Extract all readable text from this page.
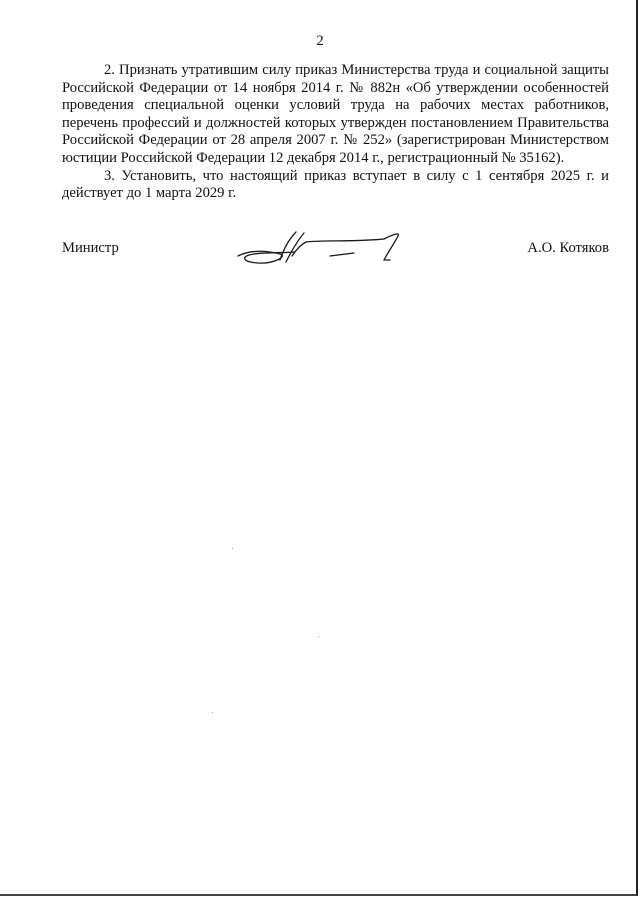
2

2. Признать утратившим силу приказ Министерства труда и социальной защиты Российской Федерации от 14 ноября 2014 г. № 882н «Об утверждении особенностей проведения специальной оценки условий труда на рабочих местах работников, перечень профессий и должностей которых утвержден постановлением Правительства Российской Федерации от 28 апреля 2007 г. № 252» (зарегистрирован Министерством юстиции Российской Федерации 12 декабря 2014 г., регистрационный № 35162).

3. Установить, что настоящий приказ вступает в силу с 1 сентября 2025 г. и действует до 1 марта 2029 г.

Министр	А.О. Котяков
